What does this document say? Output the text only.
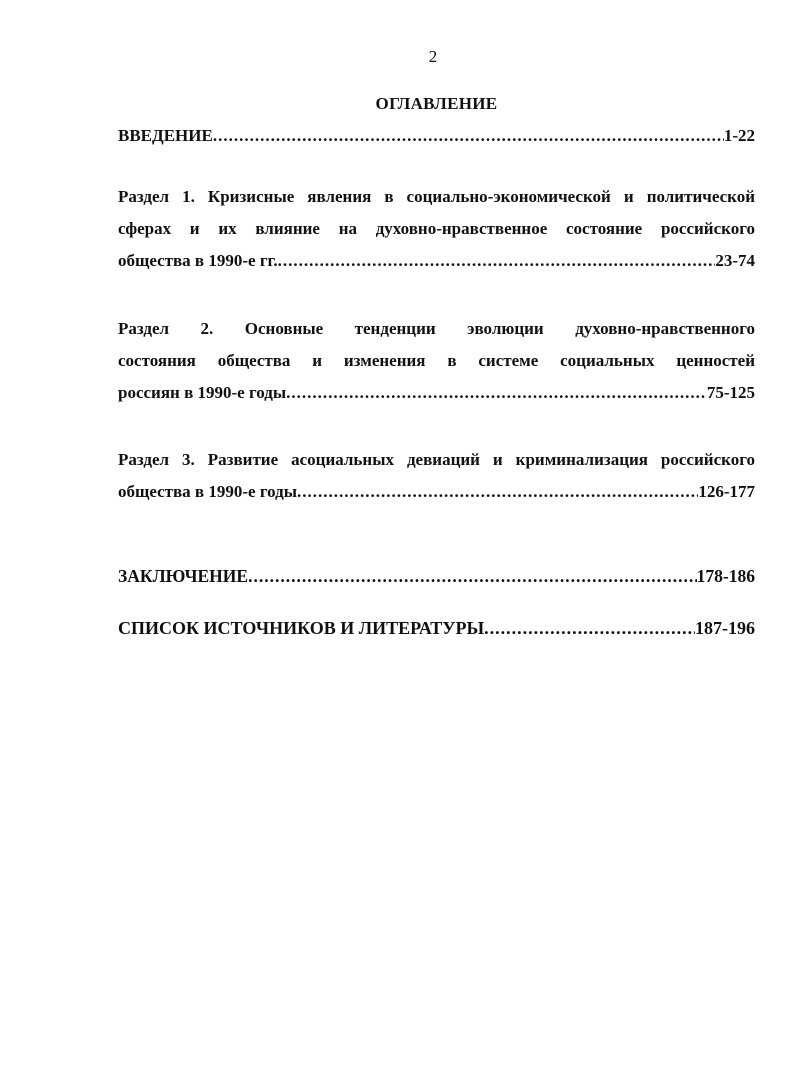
2
ОГЛАВЛЕНИЕ
ВВЕДЕНИЕ .....	1-22
Раздел 1. Кризисные явления в социально-экономической и политической
сферах и их влияние на духовно-нравственное состояние российского
общества в 1990-е гг. .....	23-74
Раздел 2. Основные тенденции эволюции духовно-нравственного
состояния общества и изменения в системе социальных ценностей
россиян в 1990-е годы .....	75-125
Раздел 3. Развитие асоциальных девиаций и криминализация российского
общества в 1990-е годы .....	126-177
ЗАКЛЮЧЕНИЕ .....	178-186
СПИСОК ИСТОЧНИКОВ И ЛИТЕРАТУРЫ .....	187-196
